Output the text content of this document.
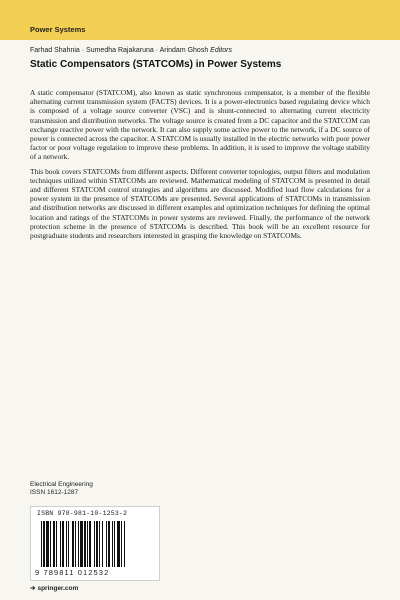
Power Systems
Farhad Shahnia · Sumedha Rajakaruna · Arindam Ghosh Editors
Static Compensators (STATCOMs) in Power Systems

A static compensator (STATCOM), also known as static synchronous compensator, is a member of the flexible alternating current transmission system (FACTS) devices. It is a power-electronics based regulating device which is composed of a voltage source converter (VSC) and is shunt-connected to alternating current electricity transmission and distribution networks. The voltage source is created from a DC capacitor and the STATCOM can exchange reactive power with the network. It can also supply some active power to the network, if a DC source of power is connected across the capacitor. A STATCOM is usually installed in the electric networks with poor power factor or poor voltage regulation to improve these problems. In addition, it is used to improve the voltage stability of a network.

This book covers STATCOMs from different aspects. Different converter topologies, output filters and modulation techniques utilized within STATCOMs are reviewed. Mathematical modeling of STATCOM is presented in detail and different STATCOM control strategies and algorithms are discussed. Modified load flow calculations for a power system in the presence of STATCOMs are presented. Several applications of STATCOMs in transmission and distribution networks are discussed in different examples and optimization techniques for defining the optimal location and ratings of the STATCOMs in power systems are reviewed. Finally, the performance of the network protection scheme in the presence of STATCOMs is described. This book will be an excellent resource for postgraduate students and researchers interested in grasping the knowledge on STATCOMs.

Electrical Engineering
ISSN 1612-1287
ISBN 978-981-10-1253-2
9 789811 012532
➔ springer.com
